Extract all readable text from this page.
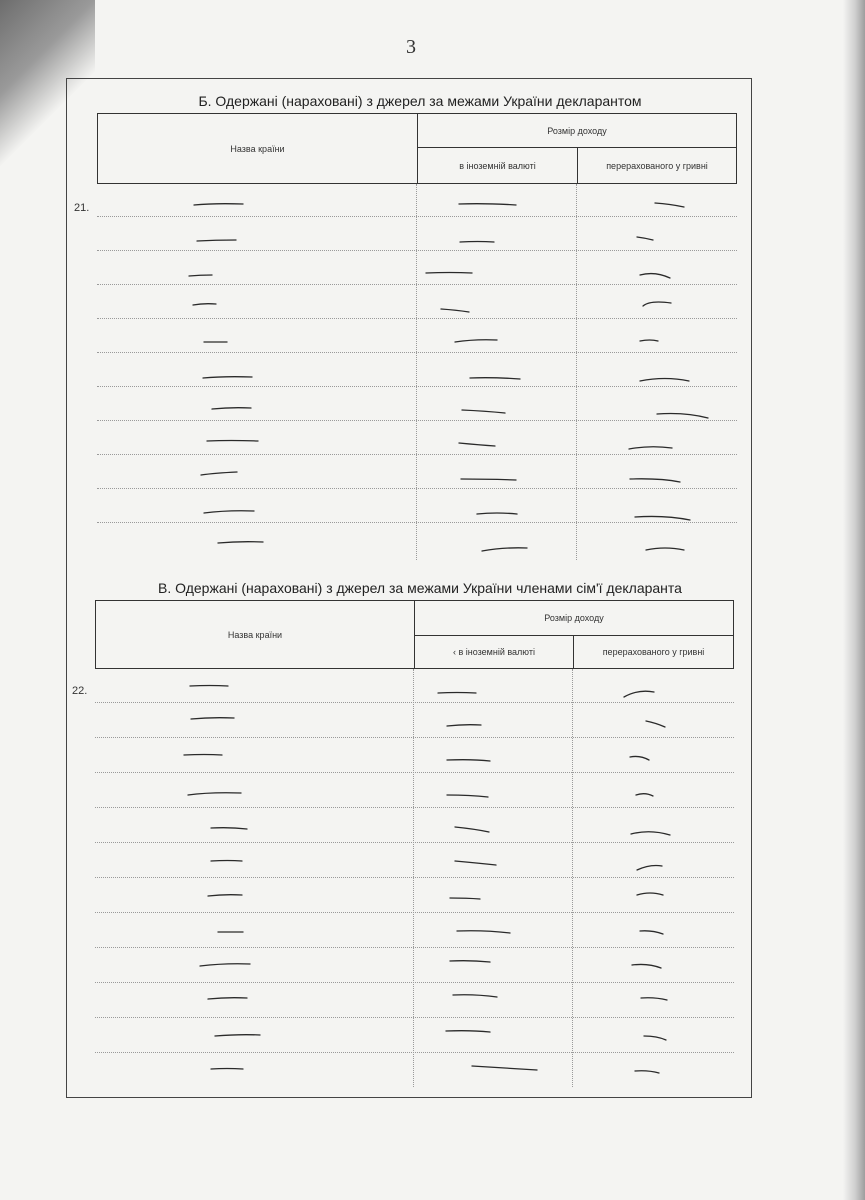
3
Б. Одержані (нараховані) з джерел за межами України декларантом
Назва країни
Розмір доходу
в іноземній валюті	перерахованого у гривні
21.
В. Одержані (нараховані) з джерел за межами України членами сім'ї декларанта
Назва країни
Розмір доходу
‹ в іноземній валюті	перерахованого у гривні
22.
